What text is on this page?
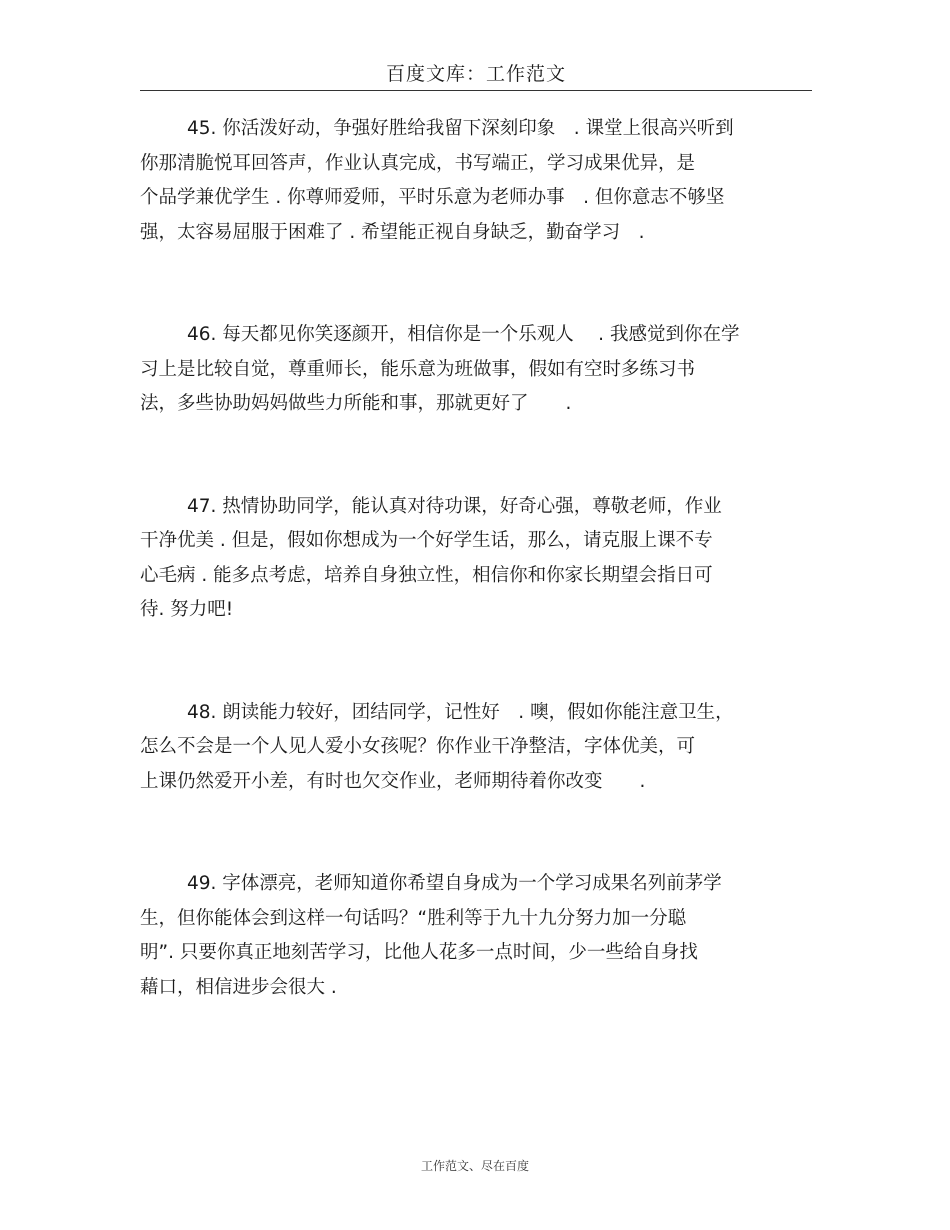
百度文库：工作范文

45. 你活泼好动，争强好胜给我留下深刻印象　. 课堂上很高兴听到
你那清脆悦耳回答声，作业认真完成，书写端正，学习成果优异，是
个品学兼优学生 . 你尊师爱师，平时乐意为老师办事　. 但你意志不够坚
强，太容易屈服于困难了 . 希望能正视自身缺乏，勤奋学习　.

46. 每天都见你笑逐颜开，相信你是一个乐观人　 . 我感觉到你在学
习上是比较自觉，尊重师长，能乐意为班做事，假如有空时多练习书
法，多些协助妈妈做些力所能和事，那就更好了　　.

47. 热情协助同学，能认真对待功课，好奇心强，尊敬老师，作业
干净优美 . 但是，假如你想成为一个好学生话，那么，请克服上课不专
心毛病 . 能多点考虑，培养自身独立性，相信你和你家长期望会指日可
待. 努力吧!

48. 朗读能力较好，团结同学，记性好　. 噢，假如你能注意卫生，
怎么不会是一个人见人爱小女孩呢？你作业干净整洁，字体优美，可
上课仍然爱开小差，有时也欠交作业，老师期待着你改变　　.

49. 字体漂亮，老师知道你希望自身成为一个学习成果名列前茅学
生，但你能体会到这样一句话吗？“胜利等于九十九分努力加一分聪
明”. 只要你真正地刻苦学习，比他人花多一点时间，少一些给自身找
藉口，相信进步会很大 .

工作范文、尽在百度
